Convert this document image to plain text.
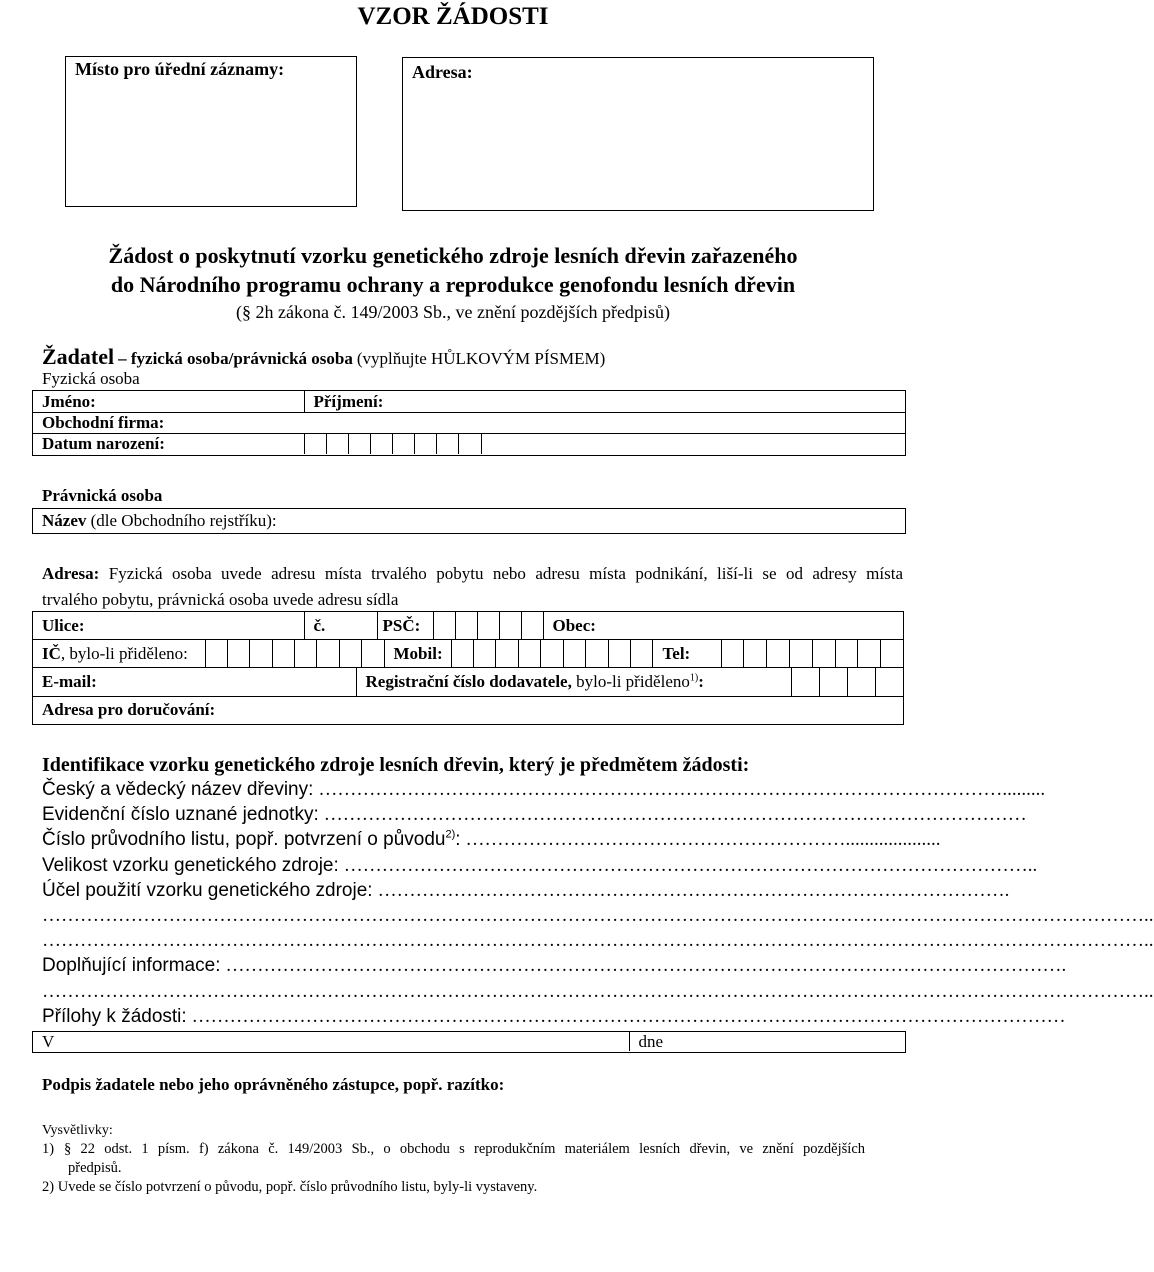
VZOR ŽÁDOSTI
Místo pro úřední záznamy:	Adresa:
Žádost o poskytnutí vzorku genetického zdroje lesních dřevin zařazeného
do Národního programu ochrany a reprodukce genofondu lesních dřevin
(§ 2h zákona č. 149/2003 Sb., ve znění pozdějších předpisů)
Žadatel – fyzická osoba/právnická osoba (vyplňujte HŮLKOVÝM PÍSMEM)
Fyzická osoba
Jméno:	Příjmení:
Obchodní firma:
Datum narození:
Právnická osoba
Název (dle Obchodního rejstříku):
Adresa: Fyzická osoba uvede adresu místa trvalého pobytu nebo adresu místa podnikání, liší-li se od adresy místa
trvalého pobytu, právnická osoba uvede adresu sídla
Ulice:	č.	PSČ:	Obec:
IČ, bylo-li přiděleno:	Mobil:	Tel:
E-mail:	Registrační číslo dodavatele, bylo-li přiděleno$^{1)}$:
Adresa pro doručování:
Identifikace vzorku genetického zdroje lesních dřevin, který je předmětem žádosti:
Český a vědecký název dřeviny: ……………………………………………………………………………………………….........
Evidenční číslo uznané jednotky: …………………………………………………………………………………………………
Číslo průvodního listu, popř. potvrzení o původu$^{2)}$: ……………………………………………………....................
Velikost vzorku genetického zdroje: ………………………………………………………………………………………………..
Účel použití vzorku genetického zdroje: ……………………………………………………………………………………….
…………………………………………………………………………………………………………………………………………………………..
…………………………………………………………………………………………………………………………………………………………..
Doplňující informace: …………………………………………………………………………………………………………………….
…………………………………………………………………………………………………………………………………………………………..
Přílohy k žádosti: …………………………………………………………………………………………………………………………
V	dne
Podpis žadatele nebo jeho oprávněného zástupce, popř. razítko:
Vysvětlivky:
1) § 22 odst. 1 písm. f) zákona č. 149/2003 Sb., o obchodu s reprodukčním materiálem lesních dřevin, ve znění pozdějších
předpisů.
2) Uvede se číslo potvrzení o původu, popř. číslo průvodního listu, byly-li vystaveny.
